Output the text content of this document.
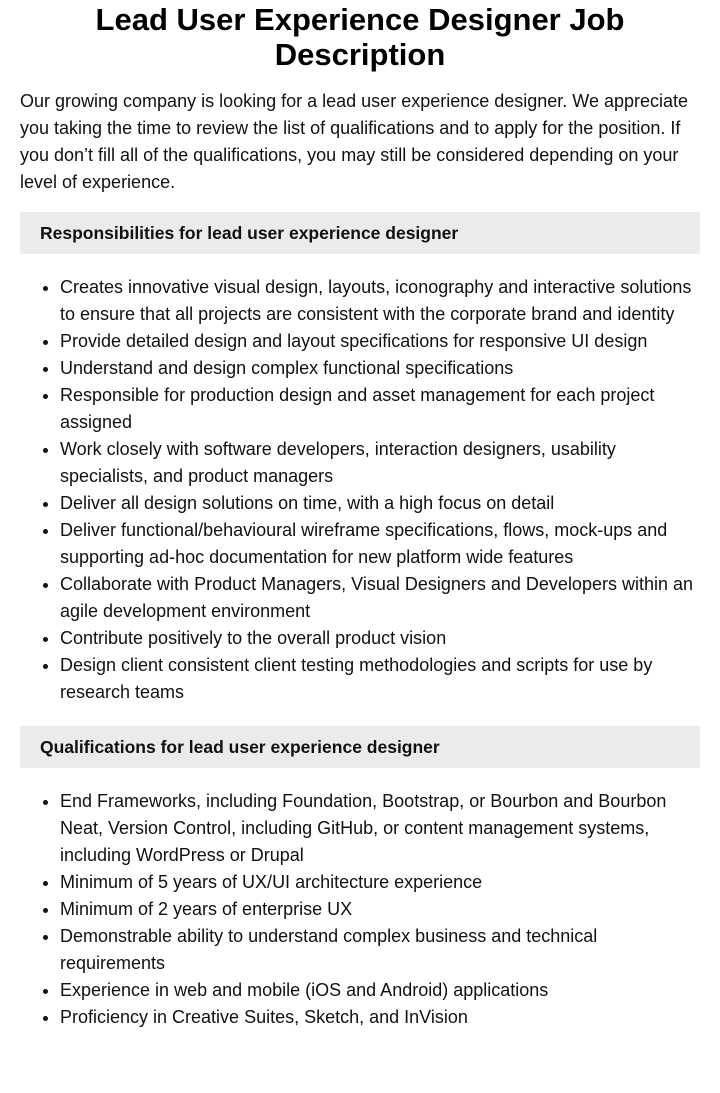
Lead User Experience Designer Job Description

Our growing company is looking for a lead user experience designer. We appreciate you taking the time to review the list of qualifications and to apply for the position. If you don’t fill all of the qualifications, you may still be considered depending on your level of experience.

Responsibilities for lead user experience designer
• Creates innovative visual design, layouts, iconography and interactive solutions to ensure that all projects are consistent with the corporate brand and identity
• Provide detailed design and layout specifications for responsive UI design
• Understand and design complex functional specifications
• Responsible for production design and asset management for each project assigned
• Work closely with software developers, interaction designers, usability specialists, and product managers
• Deliver all design solutions on time, with a high focus on detail
• Deliver functional/behavioural wireframe specifications, flows, mock-ups and supporting ad-hoc documentation for new platform wide features
• Collaborate with Product Managers, Visual Designers and Developers within an agile development environment
• Contribute positively to the overall product vision
• Design client consistent client testing methodologies and scripts for use by research teams
Qualifications for lead user experience designer
• End Frameworks, including Foundation, Bootstrap, or Bourbon and Bourbon Neat, Version Control, including GitHub, or content management systems, including WordPress or Drupal
• Minimum of 5 years of UX/UI architecture experience
• Minimum of 2 years of enterprise UX
• Demonstrable ability to understand complex business and technical requirements
• Experience in web and mobile (iOS and Android) applications
• Proficiency in Creative Suites, Sketch, and InVision
